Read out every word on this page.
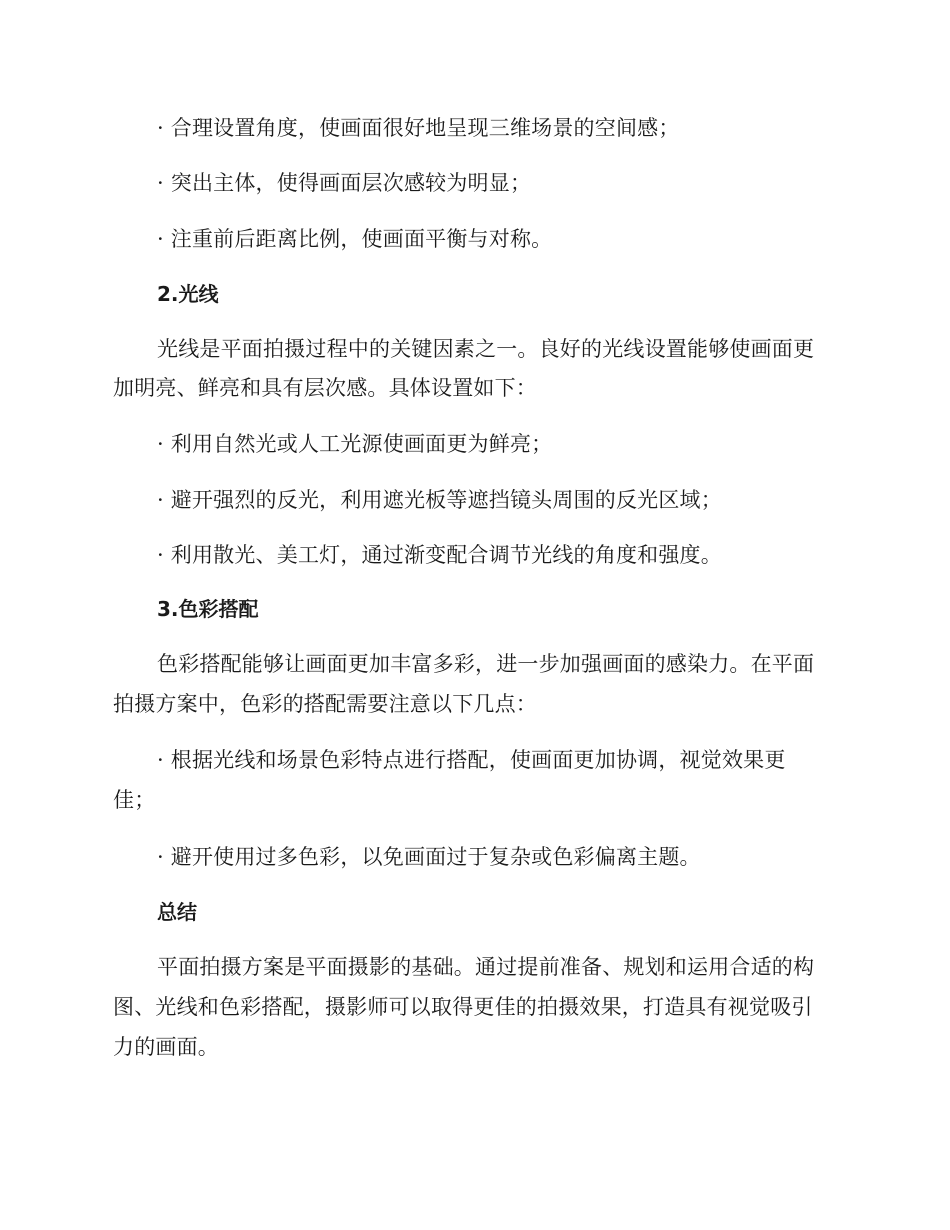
· 合理设置角度，使画面很好地呈现三维场景的空间感；
· 突出主体，使得画面层次感较为明显；
· 注重前后距离比例，使画面平衡与对称。
2.光线
光线是平面拍摄过程中的关键因素之一。良好的光线设置能够使画面更
加明亮、鲜亮和具有层次感。具体设置如下：
· 利用自然光或人工光源使画面更为鲜亮；
· 避开强烈的反光，利用遮光板等遮挡镜头周围的反光区域；
· 利用散光、美工灯，通过渐变配合调节光线的角度和强度。
3.色彩搭配
色彩搭配能够让画面更加丰富多彩，进一步加强画面的感染力。在平面
拍摄方案中，色彩的搭配需要注意以下几点：
· 根据光线和场景色彩特点进行搭配，使画面更加协调，视觉效果更
佳；
· 避开使用过多色彩，以免画面过于复杂或色彩偏离主题。
总结
平面拍摄方案是平面摄影的基础。通过提前准备、规划和运用合适的构
图、光线和色彩搭配，摄影师可以取得更佳的拍摄效果，打造具有视觉吸引
力的画面。
